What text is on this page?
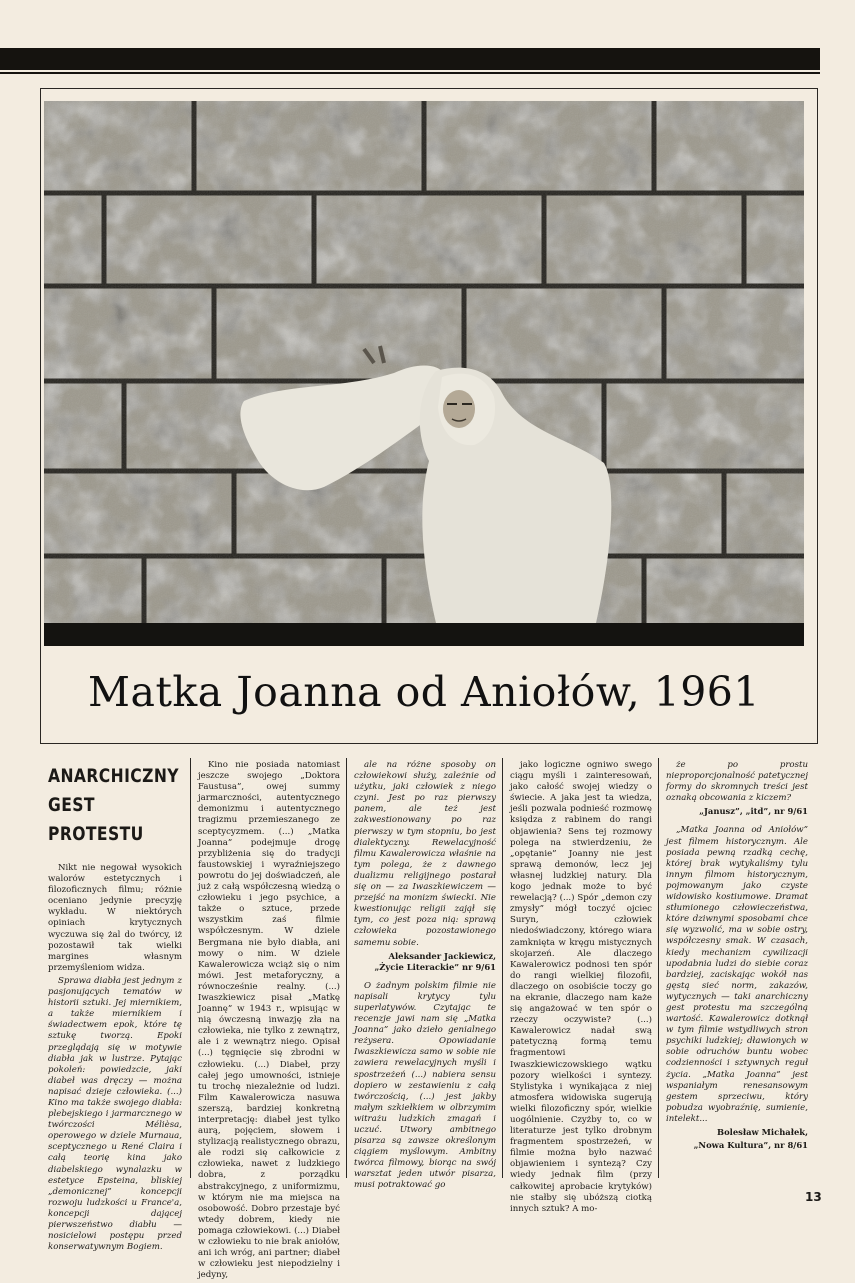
Matka Joanna od Aniołów, 1961
ANARCHICZNY
GEST
PROTESTU

Nikt nie negował wysokich walorów estetycznych i filozoficznych filmu; różnie oceniano jedynie precyzję wykładu. W niektórych opiniach krytycznych wyczuwa się żal do twórcy, iż pozostawił tak wielki margines własnym przemyśleniom widza.

Sprawa diabła jest jednym z pasjonujących tematów w historii sztuki. Jej miernikiem, a także miernikiem i świadectwem epok, które tę sztukę tworzą. Epoki przeglądają się w motywie diabła jak w lustrze. Pytając pokoleń: powiedzcie, jaki diabeł was dręczy — można napisać dzieje człowieka. (...) Kino ma także swojego diabła: plebejskiego i jarmarcznego w twórczości Mélièsa, operowego w dziele Murnaua, sceptycznego u René Claira i całą teorię kina jako diabelskiego wynalazku w estetyce Epsteina, bliskiej „demonicznej” koncepcji rozwoju ludzkości u France'a, koncepcji dającej pierwszeństwo diabłu — nosicielowi postępu przed konserwatywnym Bogiem.

Kino nie posiada natomiast jeszcze swojego „Doktora Faustusa”, owej summy jarmarczności, autentycznego demonizmu i autentycznego tragizmu przemieszanego ze sceptycyzmem. (...) „Matka Joanna” podejmuje drogę przybliżenia się do tradycji faustowskiej i wyraźniejszego powrotu do jej doświadczeń, ale już z całą współczesną wiedzą o człowieku i jego psychice, a także o sztuce, przede wszystkim zaś filmie współczesnym. W dziele Bergmana nie było diabła, ani mowy o nim. W dziele Kawalerowicza wciąż się o nim mówi. Jest metaforyczny, a równocześnie realny. (...) Iwaszkiewicz pisał „Matkę Joannę” w 1943 r., wpisując w nią ówczesną inwazję zła na człowieka, nie tylko z zewnątrz, ale i z wewnątrz niego. Opisał (...) tęgnięcie się zbrodni w człowieku. (...) Diabeł, przy całej jego umowności, istnieje tu trochę niezależnie od ludzi. Film Kawalerowicza nasuwa szerszą, bardziej konkretną interpretację: diabeł jest tylko aurą, pojęciem, słowem i stylizacją realistycznego obrazu, ale rodzi się całkowicie z człowieka, nawet z ludzkiego dobra, z porządku abstrakcyjnego, z uniformizmu, w którym nie ma miejsca na osobowość. Dobro przestaje być wtedy dobrem, kiedy nie pomaga człowiekowi. (...) Diabeł w człowieku to nie brak aniołów, ani ich wróg, ani partner; diabeł w człowieku jest niepodzielny i jedyny,

ale na różne sposoby on człowiekowi służy, zależnie od użytku, jaki człowiek z niego czyni. Jest po raz pierwszy panem, ale też jest zakwestionowany po raz pierwszy w tym stopniu, bo jest dialektyczny. Rewelacyjność filmu Kawalerowicza właśnie na tym polega, że z dawnego dualizmu religijnego postarał się on — za Iwaszkiewiczem — przejść na monizm świecki. Nie kwestionując religii zajął się tym, co jest poza nią: sprawą człowieka pozostawionego samemu sobie.

Aleksander Jackiewicz, „Życie Literackie” nr 9/61

O żadnym polskim filmie nie napisali krytycy tylu superlatywów. Czytając te recenzje jawi nam się „Matka Joanna” jako dzieło genialnego reżysera. Opowiadanie Iwaszkiewicza samo w sobie nie zawiera rewelacyjnych myśli i spostrzeżeń (...) nabiera sensu dopiero w zestawieniu z całą twórczością, (...) jest jakby małym szkiełkiem w olbrzymim witrażu ludzkich zmagań i uczuć. Utwory ambitnego pisarza są zawsze określonym ciągiem myślowym. Ambitny twórca filmowy, biorąc na swój warsztat jeden utwór pisarza, musi potraktować go

jako logiczne ogniwo swego ciągu myśli i zainteresowań, jako całość swojej wiedzy o świecie. A jaka jest ta wiedza, jeśli pozwala podnieść rozmowę księdza z rabinem do rangi objawienia? Sens tej rozmowy polega na stwierdzeniu, że „opętanie” Joanny nie jest sprawą demonów, lecz jej własnej ludzkiej natury. Dla kogo jednak może to być rewelacją? (...) Spór „demon czy zmysły” mógł toczyć ojciec Suryn, człowiek niedoświadczony, którego wiara zamknięta w kręgu mistycznych skojarzeń. Ale dlaczego Kawalerowicz podnosi ten spór do rangi wielkiej filozofii, dlaczego on osobiście toczy go na ekranie, dlaczego nam każe się angażować w ten spór o rzeczy oczywiste? (...) Kawalerowicz nadał swą patetyczną formą temu fragmentowi Iwaszkiewiczowskiego wątku pozory wielkości i syntezy. Stylistyka i wynikająca z niej atmosfera widowiska sugerują wielki filozoficzny spór, wielkie uogólnienie. Czyżby to, co w literaturze jest tylko drobnym fragmentem spostrzeżeń, w filmie można było nazwać objawieniem i syntezą? Czy wiedy jednak film (przy całkowitej aprobacie krytyków) nie stałby się ubóższą ciotką innych sztuk? A mo-

że po prostu nieproporcjonalność patetycznej formy do skromnych treści jest oznaką obcowania z kiczem?

„Janusz”, „itd”, nr 9/61

„Matka Joanna od Aniołów” jest filmem historycznym. Ale posiada pewną rzadką cechę, której brak wytykaliśmy tylu innym filmom historycznym, pojmowanym jako czyste widowisko kostiumowe. Dramat stłumionego człowieczeństwa, które dziwnymi sposobami chce się wyzwolić, ma w sobie ostry, współczesny smak. W czasach, kiedy mechanizm cywilizacji upodabnia ludzi do siebie coraz bardziej, zaciskając wokół nas gęstą sieć norm, zakazów, wytycznych — taki anarchiczny gest protestu ma szczególną wartość. Kawalerowicz dotknął w tym filmie wstydliwych stron psychiki ludzkiej; dławionych w sobie odruchów buntu wobec codzienności i sztywnych reguł życia. „Matka Joanna” jest wspaniałym renesansowym gestem sprzeciwu, który pobudza wyobraźnię, sumienie, intelekt...

Bolesław Michałek,

„Nowa Kultura”, nr 8/61

13
